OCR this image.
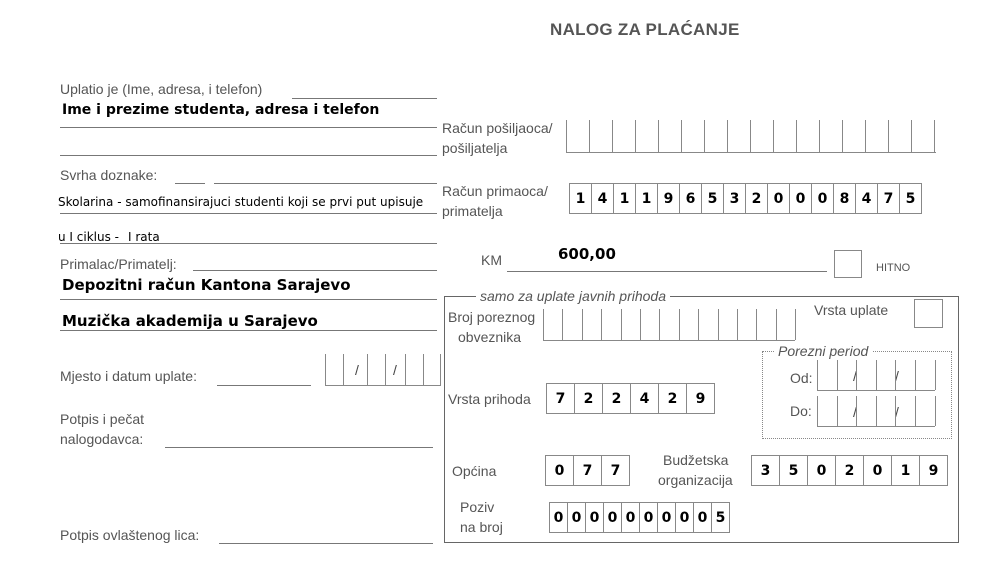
NALOG ZA PLAĆANJE
Uplatio je (Ime, adresa, i telefon)
Ime i prezime studenta, adresa i telefon
Svrha doznake:
Skolarina - samofinansirajuci studenti koji se prvi put upisuje
u I ciklus - I rata
Primalac/Primatelj:
Depozitni račun Kantona Sarajevo
Muzička akademija u Sarajevo
Mjesto i datum uplate:	/ /
Potpis i pečat
nalogodavca:
Potpis ovlaštenog lica:
Račun pošiljaoca/
pošiljatelja
Račun primaoca/
primatelja
1 4 1 1 9 6 5 3 2 0 0 0 8 4 7 5
KM	600,00
HITNO
samo za uplate javnih prihoda
Broj poreznog
obveznika
Vrsta uplate
Porezni period
Od:	/	/
Do:	/	/
Vrsta prihoda	7	2	2	4	2	9
Općina	0	7	7
Budžetska
organizacija
3	5	0	2	0	1	9
Poziv
na broj
0 0 0 0 0 0 0 0 0 5
